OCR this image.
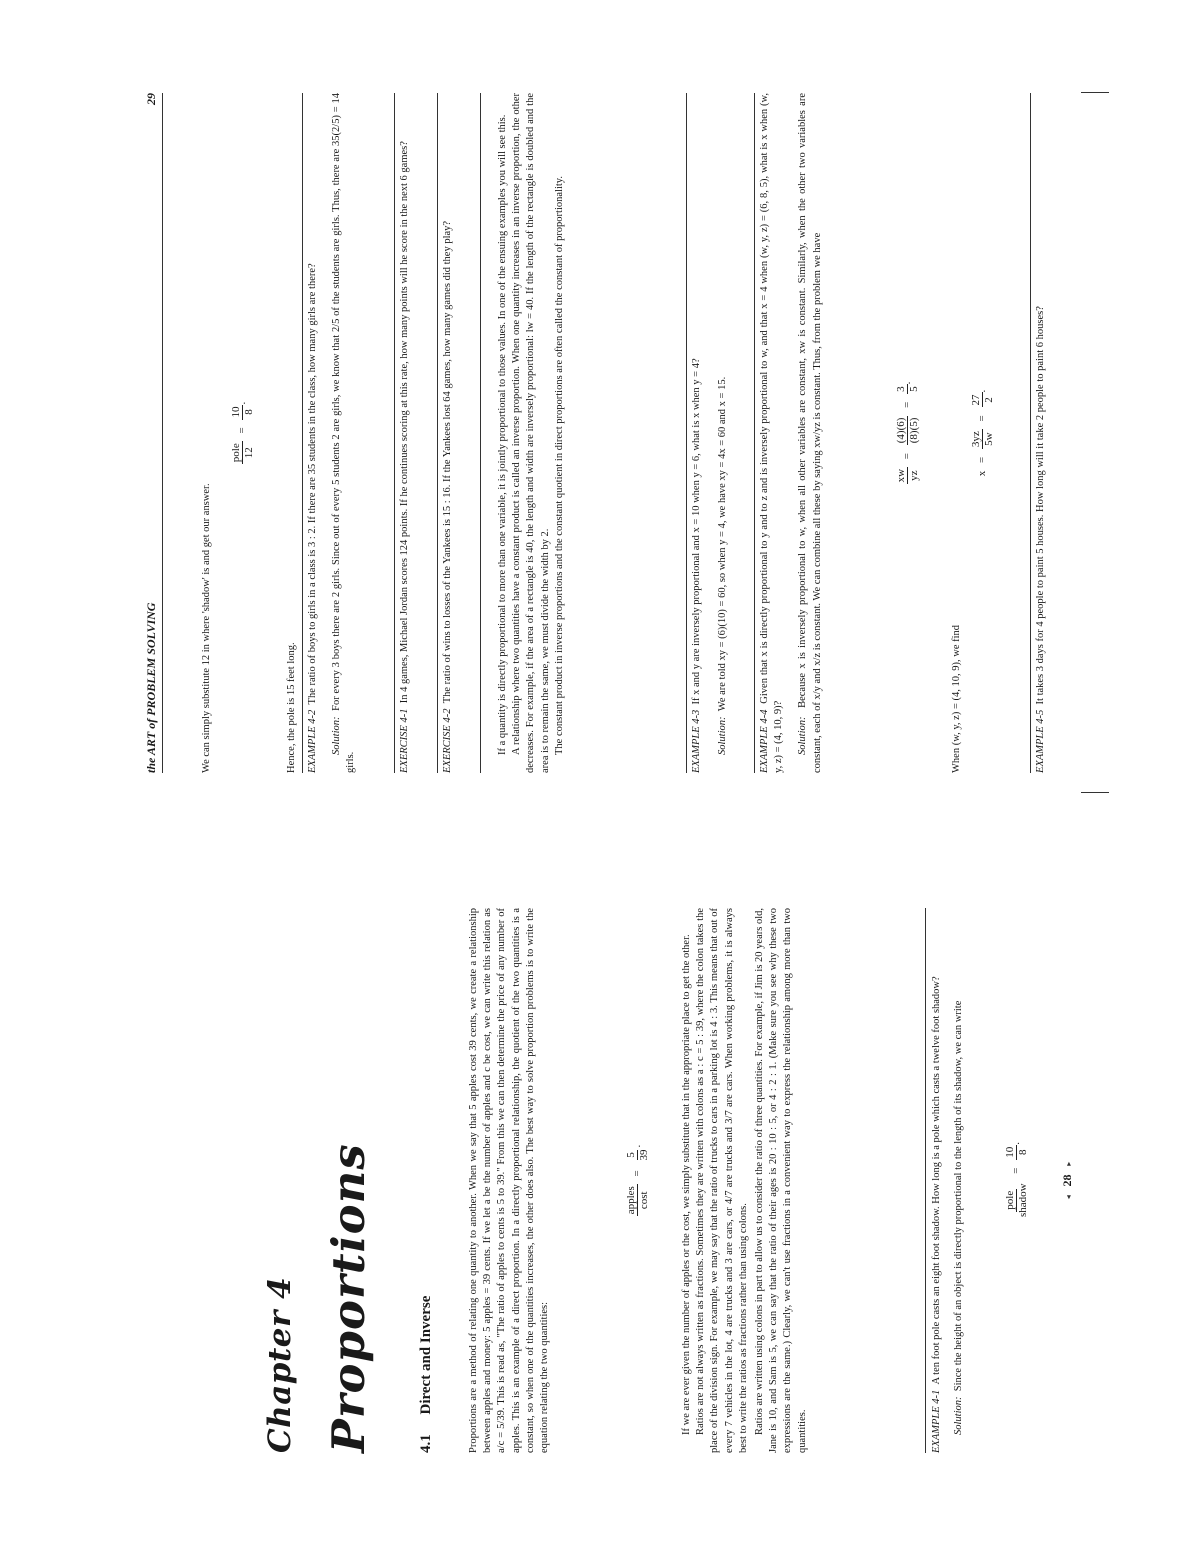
Chapter 4 Proportions	4.1 Direct and Inverse	Proportions are a method of relating one quantity to another. When we say that 5 apples cost 39 cents, we create a relationship between apples and money: 5 apples = 39 cents. If we let a be the number of apples and c be cost, we can write this relation as a/c = 5/39. This is read as, "The ratio of apples to cents is 5 to 39." From this we can then determine the price of any number of apples. This is an example of a direct proportion. In a directly proportional relationship, the quotient of the two quantities is a constant, so when one of the quantities increases, the other does also. The best way to solve proportion problems is to write the equation relating the two quantities:

apples cost
=
5 39
.	If we are ever given the number of apples or the cost, we simply substitute that in the appropriate place to get the other. Ratios are not always written as fractions. Sometimes they are written with colons as a : c = 5 : 39, where the colon takes the place of the division sign. For example, we may say that the ratio of trucks to cars in a parking lot is 4 : 3. This means that out of every 7 vehicles in the lot, 4 are trucks and 3 are cars, or 4/7 are trucks and 3/7 are cars. When working problems, it is always best to write the ratios as fractions rather than using colons. Ratios are written using colons in part to allow us to consider the ratio of three quantities. For example, if Jim is 20 years old, Jane is 10, and Sam is 5, we can say that the ratio of their ages is 20 : 10 : 5, or 4 : 2 : 1. (Make sure you see why these two expressions are the same.) Clearly, we can't use fractions in a convenient way to express the relationship among more than two quantities.	EXAMPLE 4-1  A ten foot pole casts an eight foot shadow. How long is a pole which casts a twelve foot shadow?

Solution:  Since the height of an object is directly proportional to the length of its shadow, we can write	pole shadow
=
10 8
.
◂ 28 ▸
the ART of PROBLEM SOLVING
29

We can simply substitute 12 in where 'shadow' is and get our answer.

pole 12
=
10 8
.

Hence, the pole is 15 feet long. EXAMPLE 4-2  The ratio of boys to girls in a class is 3 : 2. If there are 35 students in the class, how many girls are there?

Solution:  For every 3 boys there are 2 girls. Since out of every 5 students 2 are girls, we know that 2/5 of the students are girls. Thus, there are 35(2/5) = 14 girls.	EXERCISE 4-1  In 4 games, Michael Jordan scores 124 points. If he continues scoring at this rate, how many points will he score in the next 6 games?

EXERCISE 4-2  The ratio of wins to losses of the Yankees is 15 : 16. If the Yankees lost 64 games, how many games did they play?	If a quantity is directly proportional to more than one variable, it is jointly proportional to those values. In one of the ensuing examples you will see this. A relationship where two quantities have a constant product is called an inverse proportion. When one quantity increases in an inverse proportion, the other decreases. For example, if the area of a rectangle is 40, the length and width are inversely proportional: lw = 40. If the length of the rectangle is doubled and the area is to remain the same, we must divide the width by 2. The constant product in inverse proportions and the constant quotient in direct proportions are often called the constant of proportionality.	EXAMPLE 4-3  If x and y are inversely proportional and x = 10 when y = 6, what is x when y = 4?

Solution:  We are told xy = (6)(10) = 60, so when y = 4, we have xy = 4x = 60 and x = 15.

EXAMPLE 4-4  Given that x is directly proportional to y and to z and is inversely proportional to w, and that x = 4 when (w, y, z) = (6, 8, 5), what is x when (w, y, z) = (4, 10, 9)? Solution:  Because x is inversely proportional to w, when all other variables are constant, xw is constant. Similarly, when the other two variables are constant, each of x/y and x/z is constant. We can combine all these by saying xw/yz is constant. Thus, from the problem we have	xw yz
=
(4)(6) (8)(5)
=
3 5
.

When (w, y, z) = (4, 10, 9), we find

x =
3yz 5w
=
27 2
.

EXAMPLE 4-5  It takes 3 days for 4 people to paint 5 houses. How long will it take 2 people to paint 6 houses?
